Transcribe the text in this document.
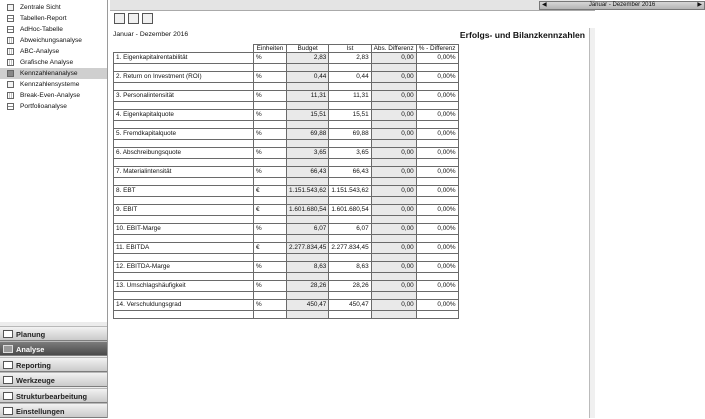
Zentrale Sicht
Tabellen-Report
AdHoc-Tabelle
Abweichungsanalyse
ABC-Analyse
Grafische Analyse
Kennzahlenanalyse
Kennzahlensysteme
Break-Even-Analyse
Portfolioanalyse
Planung
Analyse
Reporting
Werkzeuge
Strukturbearbeitung
Einstellungen
◀	Januar - Dezember 2016	▶
Januar - Dezember 2016	Erfolgs- und Bilanzkennzahlen
	Einheiten	Budget	Ist	Abs. Differenz	% - Differenz
1. Eigenkapitalrentabilität	%	2,83	2,83	0,00	0,00%

2. Return on Investment (ROI)	%	0,44	0,44	0,00	0,00%

3. Personalintensität	%	11,31	11,31	0,00	0,00%

4. Eigenkapitalquote	%	15,51	15,51	0,00	0,00%

5. Fremdkapitalquote	%	69,88	69,88	0,00	0,00%

6. Abschreibungsquote	%	3,65	3,65	0,00	0,00%

7. Materialintensität	%	66,43	66,43	0,00	0,00%

8. EBT	€	1.151.543,62	1.151.543,62	0,00	0,00%

9. EBIT	€	1.601.680,54	1.601.680,54	0,00	0,00%

10. EBIT-Marge	%	6,07	6,07	0,00	0,00%

11. EBITDA	€	2.277.834,45	2.277.834,45	0,00	0,00%

12. EBITDA-Marge	%	8,63	8,63	0,00	0,00%

13. Umschlagshäufigkeit	%	28,26	28,26	0,00	0,00%

14. Verschuldungsgrad	%	450,47	450,47	0,00	0,00%
